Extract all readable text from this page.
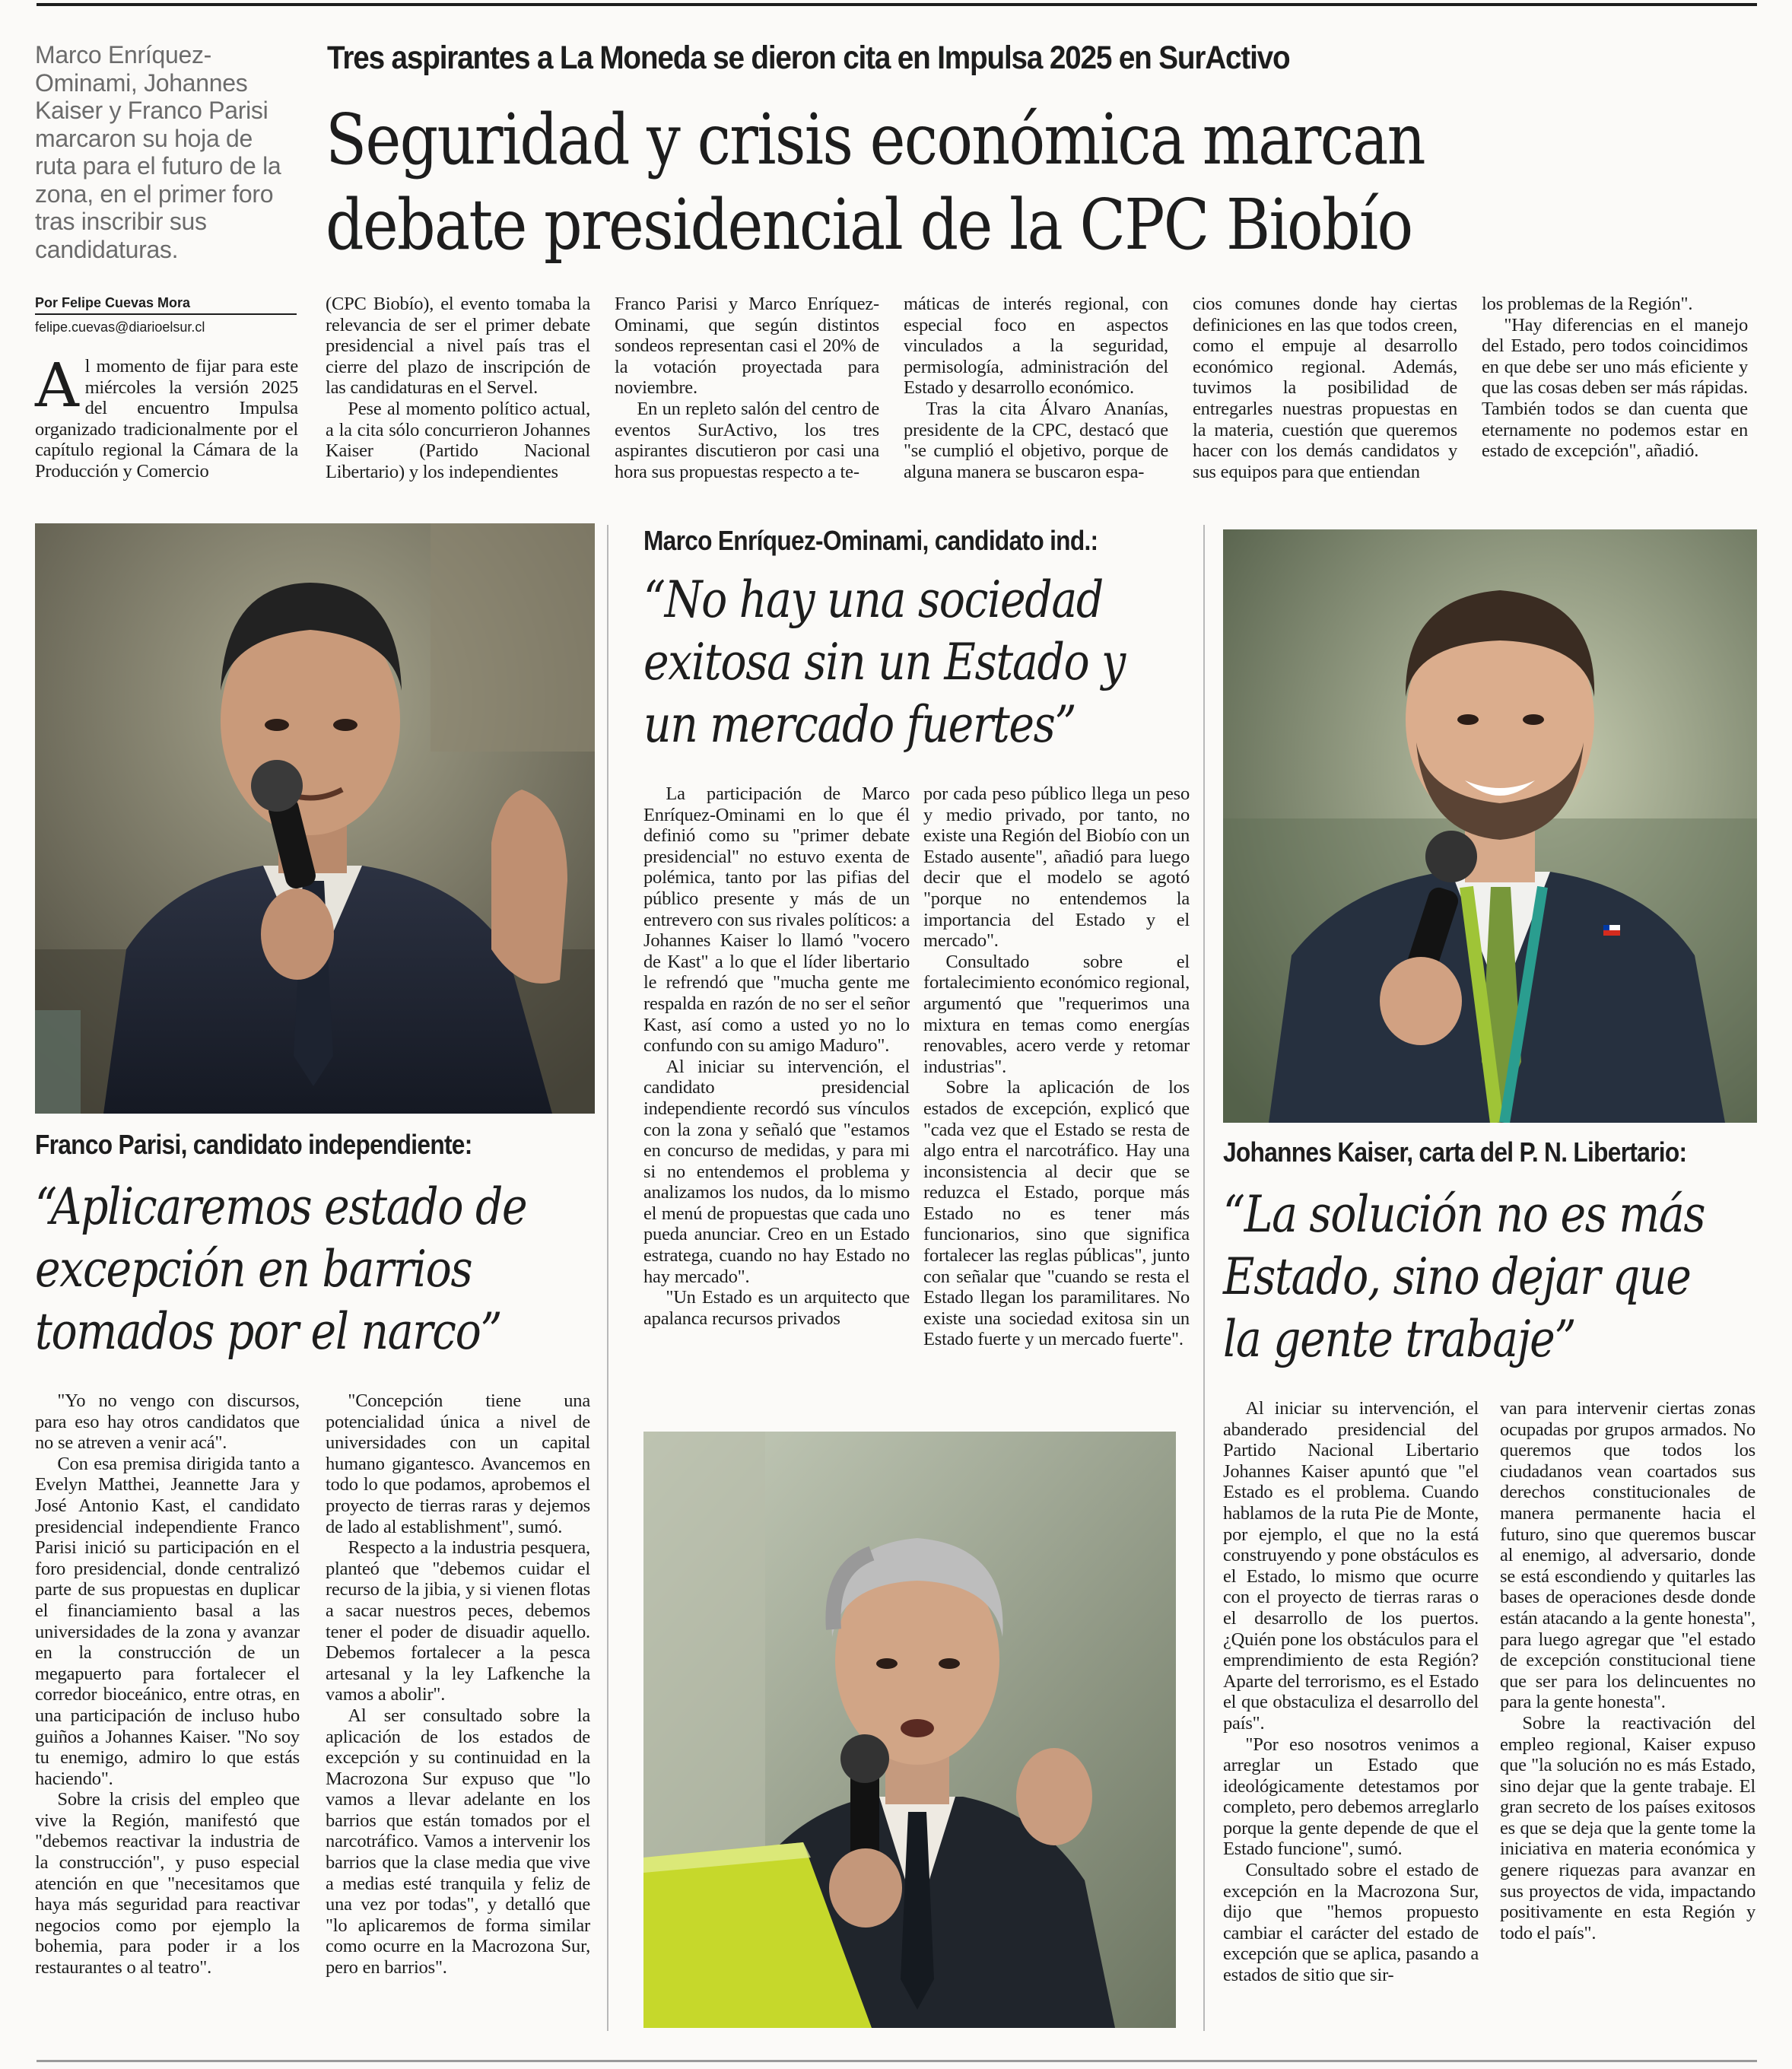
Marco Enríquez-Ominami, Johannes Kaiser y Franco Parisi marcaron su hoja de ruta para el futuro de la zona, en el primer foro tras inscribir sus candidaturas.
Tres aspirantes a La Moneda se dieron cita en Impulsa 2025 en SurActivo
Seguridad y crisis económica marcan
debate presidencial de la CPC Biobío
Por Felipe Cuevas Mora
felipe.cuevas@diarioelsur.cl

Al momento de fijar para este miércoles la versión 2025 del encuentro Impulsa organizado tradicionalmente por el capítulo regional la Cámara de la Producción y Comercio

(CPC Biobío), el evento tomaba la relevancia de ser el primer debate presidencial a nivel país tras el cierre del plazo de inscripción de las candidaturas en el Servel.

Pese al momento político actual, a la cita sólo concurrieron Johannes Kaiser (Partido Nacional Libertario) y los independientes

Franco Parisi y Marco Enríquez-Ominami, que según distintos sondeos representan casi el 20% de la votación proyectada para noviembre.

En un repleto salón del centro de eventos SurActivo, los tres aspirantes discutieron por casi una hora sus propuestas respecto a te-

máticas de interés regional, con especial foco en aspectos vinculados a la seguridad, permisología, administración del Estado y desarrollo económico.

Tras la cita Álvaro Ananías, presidente de la CPC, destacó que "se cumplió el objetivo, porque de alguna manera se buscaron espa-

cios comunes donde hay ciertas definiciones en las que todos creen, como el empuje al desarrollo económico regional. Además, tuvimos la posibilidad de entregarles nuestras propuestas en la materia, cuestión que queremos hacer con los demás candidatos y sus equipos para que entiendan

los problemas de la Región".

"Hay diferencias en el manejo del Estado, pero todos coincidimos en que debe ser uno más eficiente y que las cosas deben ser más rápidas. También todos se dan cuenta que eternamente no podemos estar en estado de excepción", añadió.

Franco Parisi, candidato independiente:
“Aplicaremos estado de
excepción en barrios
tomados por el narco”

"Yo no vengo con discursos, para eso hay otros candidatos que no se atreven a venir acá".

Con esa premisa dirigida tanto a Evelyn Matthei, Jeannette Jara y José Antonio Kast, el candidato presidencial independiente Franco Parisi inició su participación en el foro presidencial, donde centralizó parte de sus propuestas en duplicar el financiamiento basal a las universidades de la zona y avanzar en la construcción de un megapuerto para fortalecer el corredor bioceánico, entre otras, en una participación de incluso hubo guiños a Johannes Kaiser. "No soy tu enemigo, admiro lo que estás haciendo".

Sobre la crisis del empleo que vive la Región, manifestó que "debemos reactivar la industria de la construcción", y puso especial atención en que "necesitamos que haya más seguridad para reactivar negocios como por ejemplo la bohemia, para poder ir a los restaurantes o al teatro".

"Concepción tiene una potencialidad única a nivel de universidades con un capital humano gigantesco. Avancemos en todo lo que podamos, aprobemos el proyecto de tierras raras y dejemos de lado al establishment", sumó.

Respecto a la industria pesquera, planteó que "debemos cuidar el recurso de la jibia, y si vienen flotas a sacar nuestros peces, debemos tener el poder de disuadir aquello. Debemos fortalecer a la pesca artesanal y la ley Lafkenche la vamos a abolir".

Al ser consultado sobre la aplicación de los estados de excepción y su continuidad en la Macrozona Sur expuso que "lo vamos a llevar adelante en los barrios que están tomados por el narcotráfico. Vamos a intervenir los barrios que la clase media que vive a medias esté tranquila y feliz de una vez por todas", y detalló que "lo aplicaremos de forma similar como ocurre en la Macrozona Sur, pero en barrios".

Marco Enríquez-Ominami, candidato ind.:
“No hay una sociedad
exitosa sin un Estado y
un mercado fuertes”

La participación de Marco Enríquez-Ominami en lo que él definió como su "primer debate presidencial" no estuvo exenta de polémica, tanto por las pifias del público presente y más de un entrevero con sus rivales políticos: a Johannes Kaiser lo llamó "vocero de Kast" a lo que el líder libertario le refrendó que "mucha gente me respalda en razón de no ser el señor Kast, así como a usted yo no lo confundo con su amigo Maduro".

Al iniciar su intervención, el candidato presidencial independiente recordó sus vínculos con la zona y señaló que "estamos en concurso de medidas, y para mi si no entendemos el problema y analizamos los nudos, da lo mismo el menú de propuestas que cada uno pueda anunciar. Creo en un Estado estratega, cuando no hay Estado no hay mercado".

"Un Estado es un arquitecto que apalanca recursos privados

por cada peso público llega un peso y medio privado, por tanto, no existe una Región del Biobío con un Estado ausente", añadió para luego decir que el modelo se agotó "porque no entendemos la importancia del Estado y el mercado".

Consultado sobre el fortalecimiento económico regional, argumentó que "requerimos una mixtura en temas como energías renovables, acero verde y retomar industrias".

Sobre la aplicación de los estados de excepción, explicó que "cada vez que el Estado se resta de algo entra el narcotráfico. Hay una inconsistencia al decir que se reduzca el Estado, porque más Estado no es tener más funcionarios, sino que significa fortalecer las reglas públicas", junto con señalar que "cuando se resta el Estado llegan los paramilitares. No existe una sociedad exitosa sin un Estado fuerte y un mercado fuerte".

Johannes Kaiser, carta del P. N. Libertario:
“La solución no es más
Estado, sino dejar que
la gente trabaje”

Al iniciar su intervención, el abanderado presidencial del Partido Nacional Libertario Johannes Kaiser apuntó que "el Estado es el problema. Cuando hablamos de la ruta Pie de Monte, por ejemplo, el que no la está construyendo y pone obstáculos es el Estado, lo mismo que ocurre con el proyecto de tierras raras o el desarrollo de los puertos. ¿Quién pone los obstáculos para el emprendimiento de esta Región? Aparte del terrorismo, es el Estado el que obstaculiza el desarrollo del país".

"Por eso nosotros venimos a arreglar un Estado que ideológicamente detestamos por completo, pero debemos arreglarlo porque la gente depende de que el Estado funcione", sumó.

Consultado sobre el estado de excepción en la Macrozona Sur, dijo que "hemos propuesto cambiar el carácter del estado de excepción que se aplica, pasando a estados de sitio que sir-

van para intervenir ciertas zonas ocupadas por grupos armados. No queremos que todos los ciudadanos vean coartados sus derechos constitucionales de manera permanente hacia el futuro, sino que queremos buscar al enemigo, al adversario, donde se está escondiendo y quitarles las bases de operaciones desde donde están atacando a la gente honesta", para luego agregar que "el estado de excepción constitucional tiene que ser para los delincuentes no para la gente honesta".

Sobre la reactivación del empleo regional, Kaiser expuso que "la solución no es más Estado, sino dejar que la gente trabaje. El gran secreto de los países exitosos es que se deja que la gente tome la iniciativa en materia económica y genere riquezas para avanzar en sus proyectos de vida, impactando positivamente en esta Región y todo el país".
